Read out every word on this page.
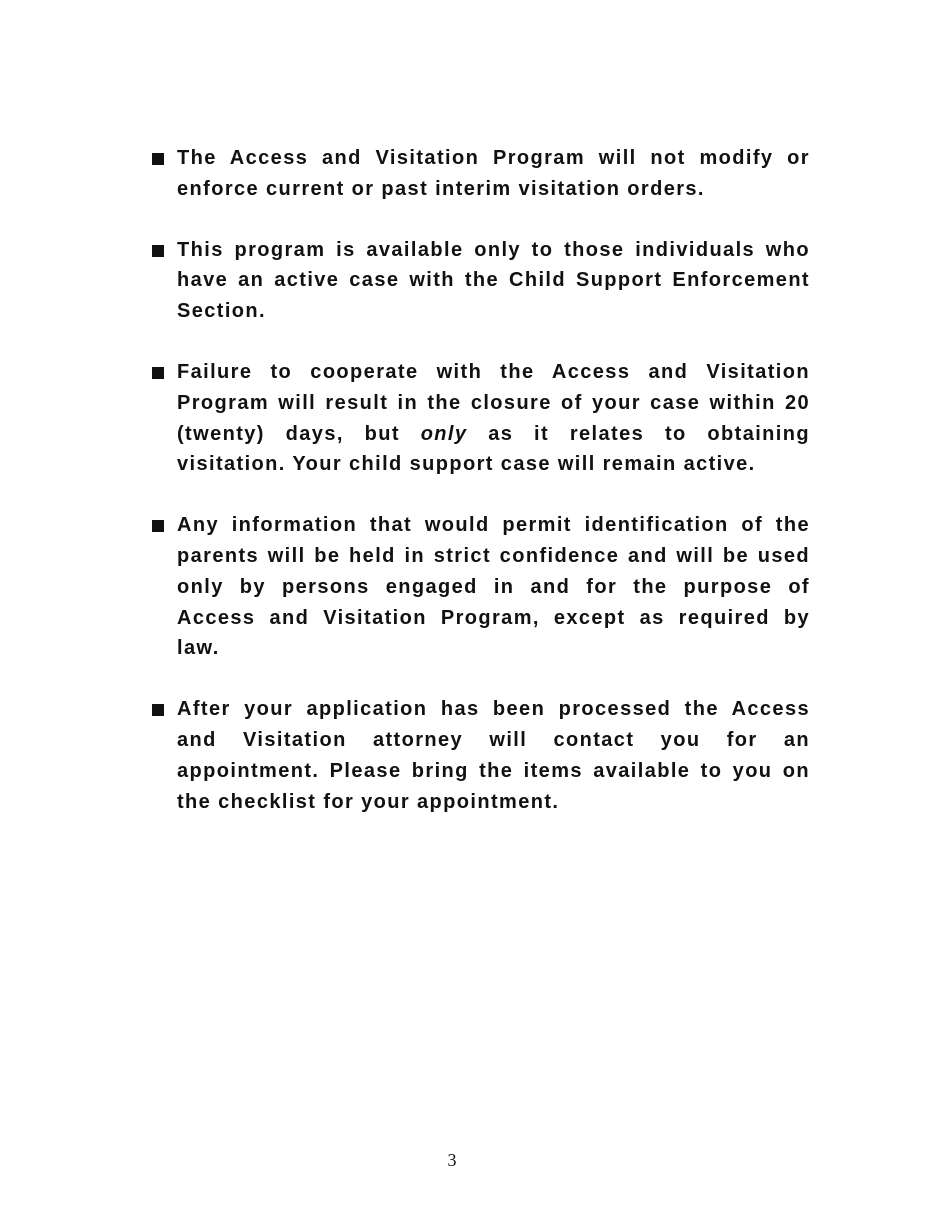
The Access and Visitation Program will not modify or enforce current or past interim visitation orders.

This program is available only to those individuals who have an active case with the Child Support Enforcement Section.

Failure to cooperate with the Access and Visitation Program will result in the closure of your case within 20 (twenty) days, but only as it relates to obtaining visitation. Your child support case will remain active.

Any information that would permit identification of the parents will be held in strict confidence and will be used only by persons engaged in and for the purpose of Access and Visitation Program, except as required by law.

After your application has been processed the Access and Visitation attorney will contact you for an appointment. Please bring the items available to you on the checklist for your appointment.

3
